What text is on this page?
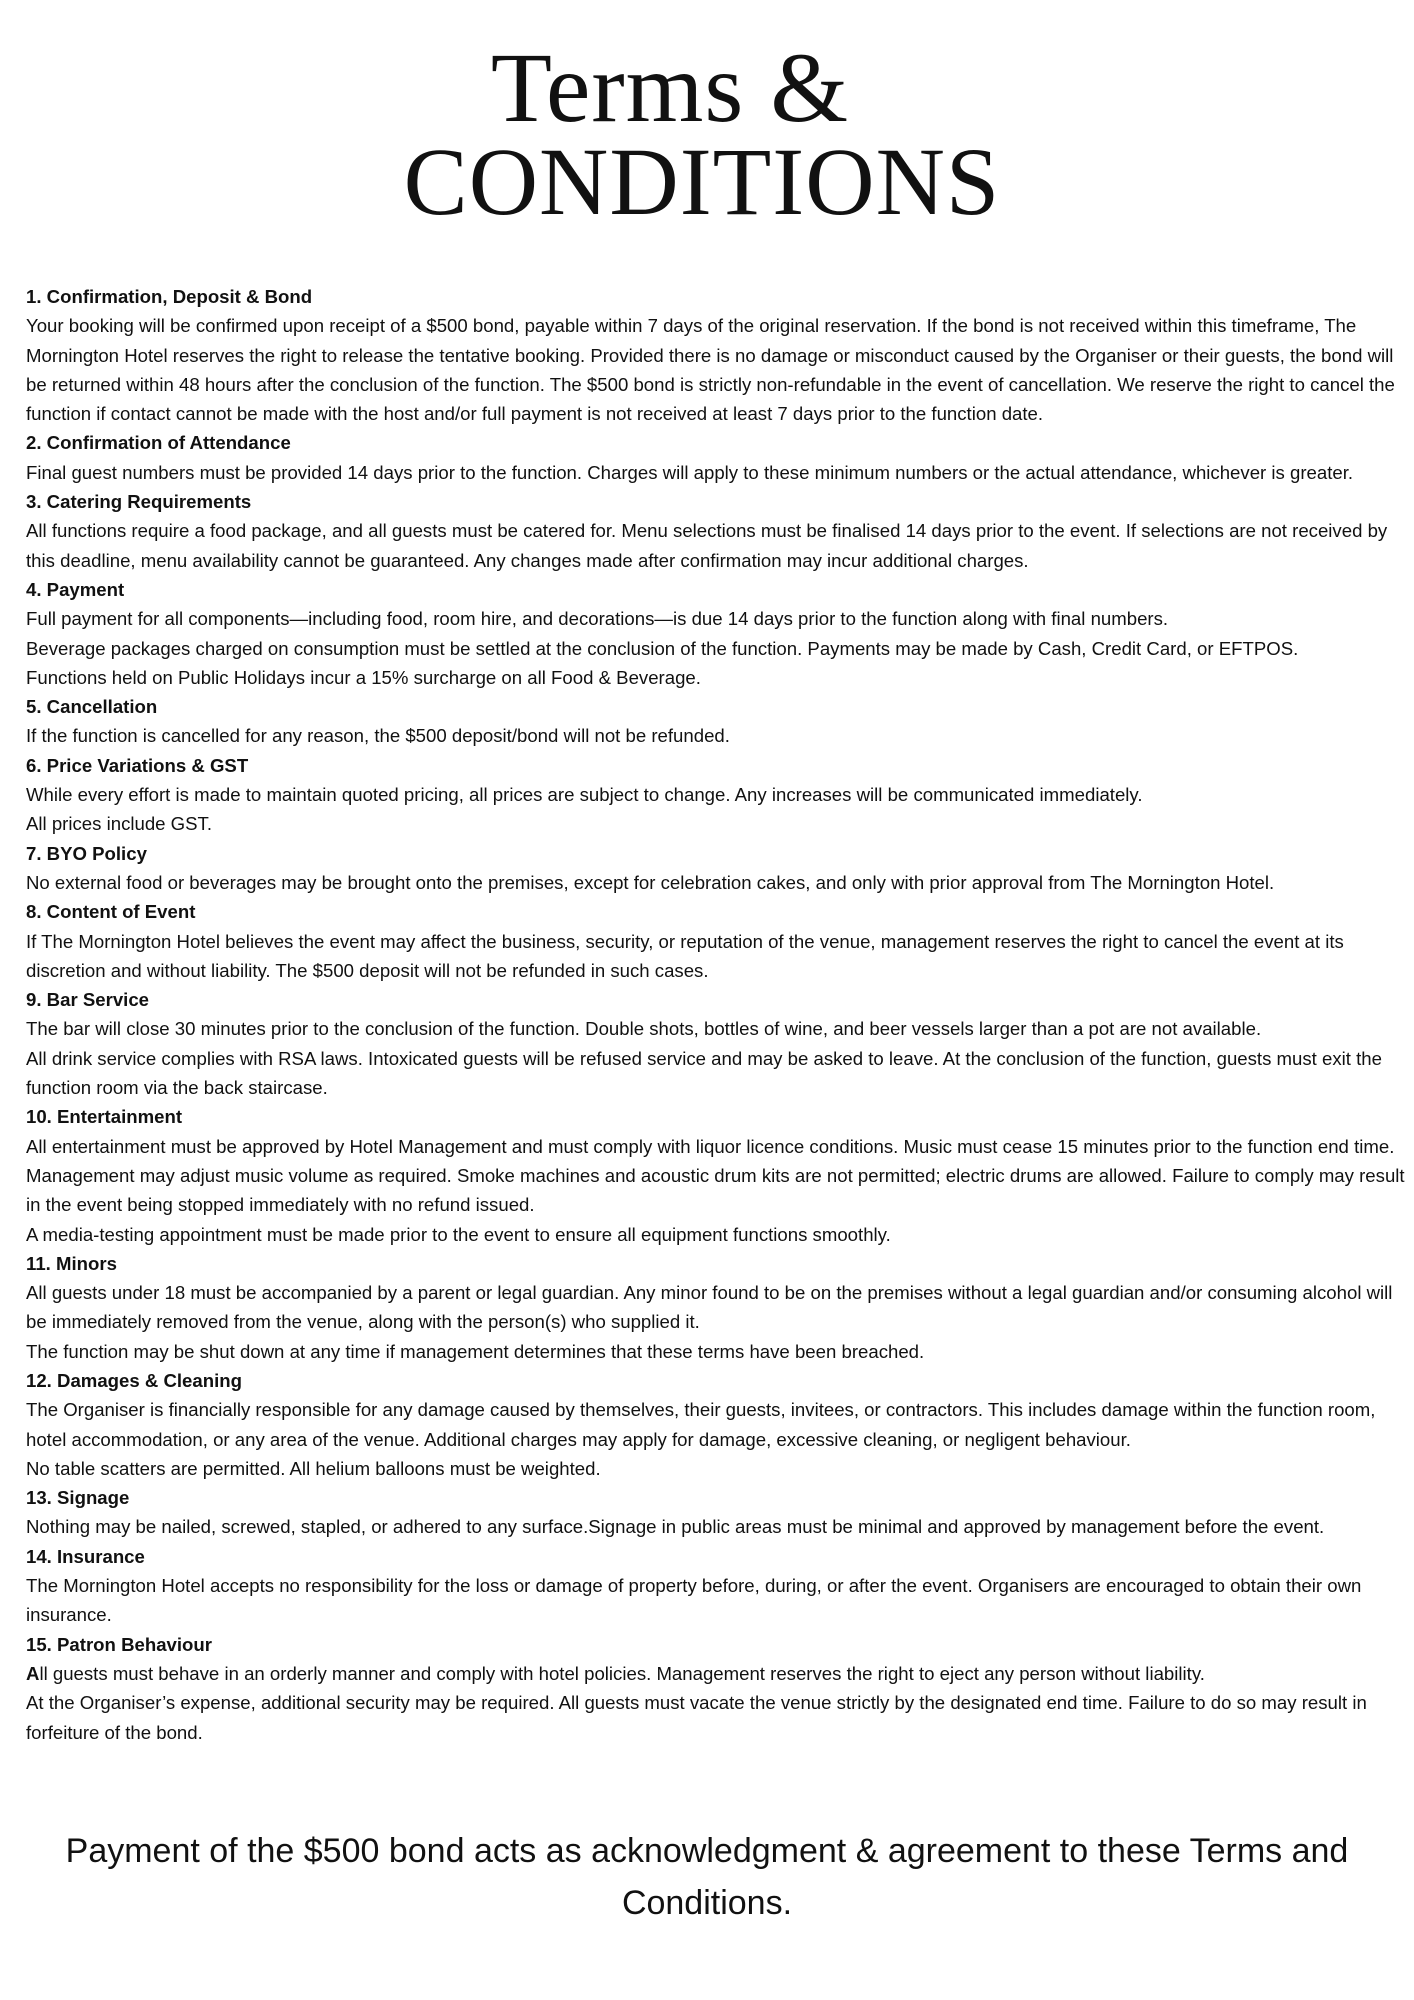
Terms &
CONDITIONS

1. Confirmation, Deposit & Bond

Your booking will be confirmed upon receipt of a $500 bond, payable within 7 days of the original reservation. If the bond is not received within this timeframe, The Mornington Hotel reserves the right to release the tentative booking. Provided there is no damage or misconduct caused by the Organiser or their guests, the bond will be returned within 48 hours after the conclusion of the function. The $500 bond is strictly non-refundable in the event of cancellation. We reserve the right to cancel the function if contact cannot be made with the host and/or full payment is not received at least 7 days prior to the function date.

2. Confirmation of Attendance

Final guest numbers must be provided 14 days prior to the function. Charges will apply to these minimum numbers or the actual attendance, whichever is greater.

3. Catering Requirements

All functions require a food package, and all guests must be catered for. Menu selections must be finalised 14 days prior to the event. If selections are not received by this deadline, menu availability cannot be guaranteed. Any changes made after confirmation may incur additional charges.

4. Payment

Full payment for all components—including food, room hire, and decorations—is due 14 days prior to the function along with final numbers.

Beverage packages charged on consumption must be settled at the conclusion of the function. Payments may be made by Cash, Credit Card, or EFTPOS.

Functions held on Public Holidays incur a 15% surcharge on all Food & Beverage.

5. Cancellation

If the function is cancelled for any reason, the $500 deposit/bond will not be refunded.

6. Price Variations & GST

While every effort is made to maintain quoted pricing, all prices are subject to change. Any increases will be communicated immediately.

All prices include GST.

7. BYO Policy

No external food or beverages may be brought onto the premises, except for celebration cakes, and only with prior approval from The Mornington Hotel.

8. Content of Event

If The Mornington Hotel believes the event may affect the business, security, or reputation of the venue, management reserves the right to cancel the event at its discretion and without liability. The $500 deposit will not be refunded in such cases.

9. Bar Service

The bar will close 30 minutes prior to the conclusion of the function. Double shots, bottles of wine, and beer vessels larger than a pot are not available.

All drink service complies with RSA laws. Intoxicated guests will be refused service and may be asked to leave. At the conclusion of the function, guests must exit the function room via the back staircase.

10. Entertainment

All entertainment must be approved by Hotel Management and must comply with liquor licence conditions. Music must cease 15 minutes prior to the function end time. Management may adjust music volume as required. Smoke machines and acoustic drum kits are not permitted; electric drums are allowed. Failure to comply may result in the event being stopped immediately with no refund issued.

A media-testing appointment must be made prior to the event to ensure all equipment functions smoothly.

11. Minors

All guests under 18 must be accompanied by a parent or legal guardian. Any minor found to be on the premises without a legal guardian and/or consuming alcohol will be immediately removed from the venue, along with the person(s) who supplied it.

The function may be shut down at any time if management determines that these terms have been breached.

12. Damages & Cleaning

The Organiser is financially responsible for any damage caused by themselves, their guests, invitees, or contractors. This includes damage within the function room, hotel accommodation, or any area of the venue. Additional charges may apply for damage, excessive cleaning, or negligent behaviour.

No table scatters are permitted. All helium balloons must be weighted.

13. Signage

Nothing may be nailed, screwed, stapled, or adhered to any surface.Signage in public areas must be minimal and approved by management before the event.

14. Insurance

The Mornington Hotel accepts no responsibility for the loss or damage of property before, during, or after the event. Organisers are encouraged to obtain their own insurance.

15. Patron Behaviour

All guests must behave in an orderly manner and comply with hotel policies. Management reserves the right to eject any person without liability.

At the Organiser’s expense, additional security may be required. All guests must vacate the venue strictly by the designated end time. Failure to do so may result in forfeiture of the bond.

Payment of the $500 bond acts as acknowledgment & agreement to these Terms and Conditions.
